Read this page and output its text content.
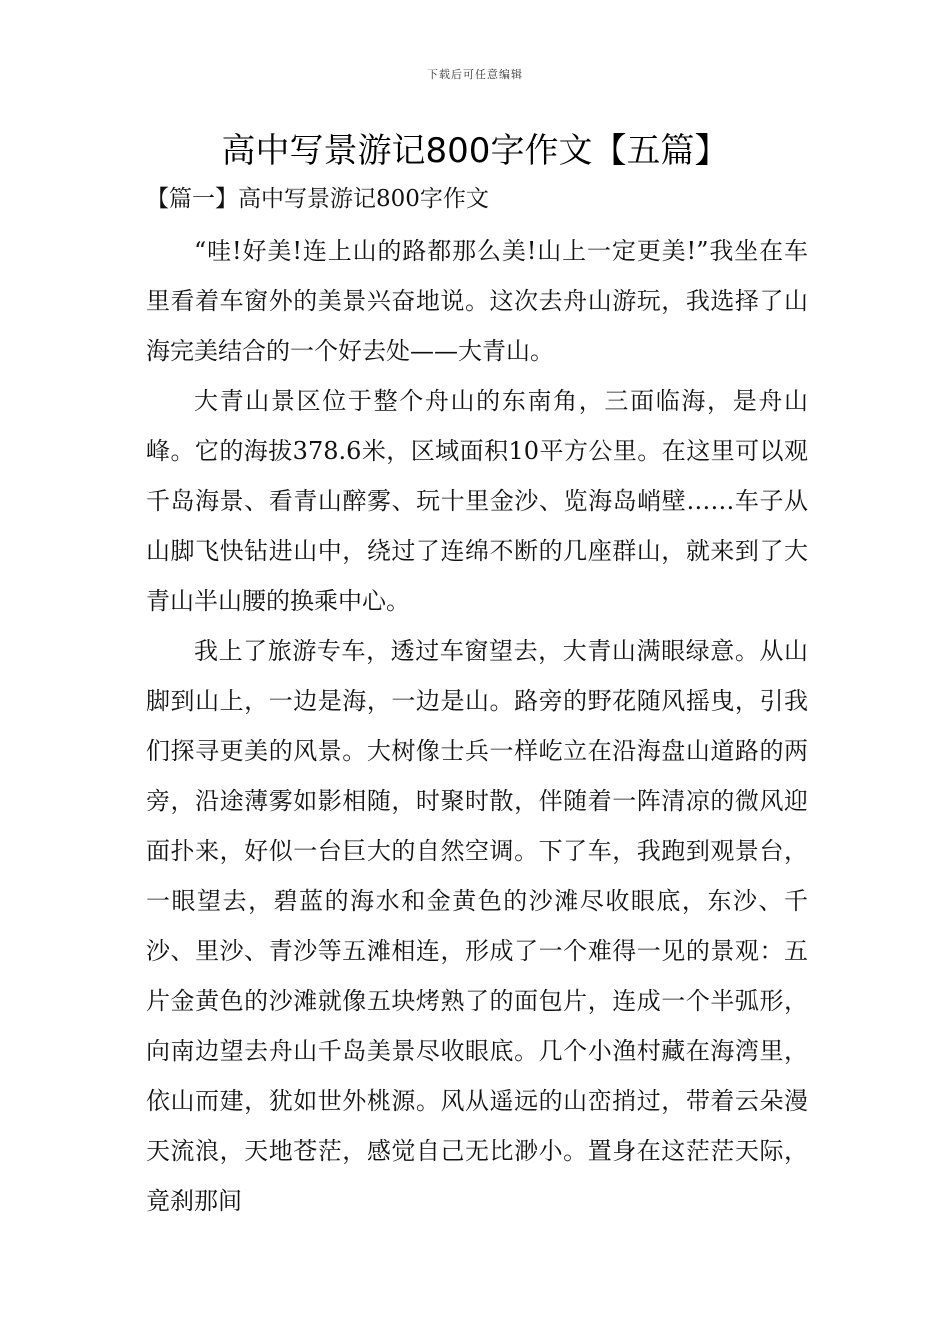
下载后可任意编辑
高中写景游记800字作文【五篇】
【篇一】高中写景游记800字作文

“哇!好美!连上山的路都那么美!山上一定更美!”我坐在车里看着车窗外的美景兴奋地说。这次去舟山游玩，我选择了山海完美结合的一个好去处——大青山。

大青山景区位于整个舟山的东南角，三面临海，是舟山峰。它的海拔378.6米，区域面积10平方公里。在这里可以观千岛海景、看青山醉雾、玩十里金沙、览海岛峭壁……车子从山脚飞快钻进山中，绕过了连绵不断的几座群山，就来到了大青山半山腰的换乘中心。

我上了旅游专车，透过车窗望去，大青山满眼绿意。从山脚到山上，一边是海，一边是山。路旁的野花随风摇曳，引我们探寻更美的风景。大树像士兵一样屹立在沿海盘山道路的两旁，沿途薄雾如影相随，时聚时散，伴随着一阵清凉的微风迎面扑来，好似一台巨大的自然空调。下了车，我跑到观景台，一眼望去，碧蓝的海水和金黄色的沙滩尽收眼底，东沙、千沙、里沙、青沙等五滩相连，形成了一个难得一见的景观：五片金黄色的沙滩就像五块烤熟了的面包片，连成一个半弧形，向南边望去舟山千岛美景尽收眼底。几个小渔村藏在海湾里，依山而建，犹如世外桃源。风从遥远的山峦捎过，带着云朵漫天流浪，天地苍茫，感觉自己无比渺小。置身在这茫茫天际，竟刹那间
